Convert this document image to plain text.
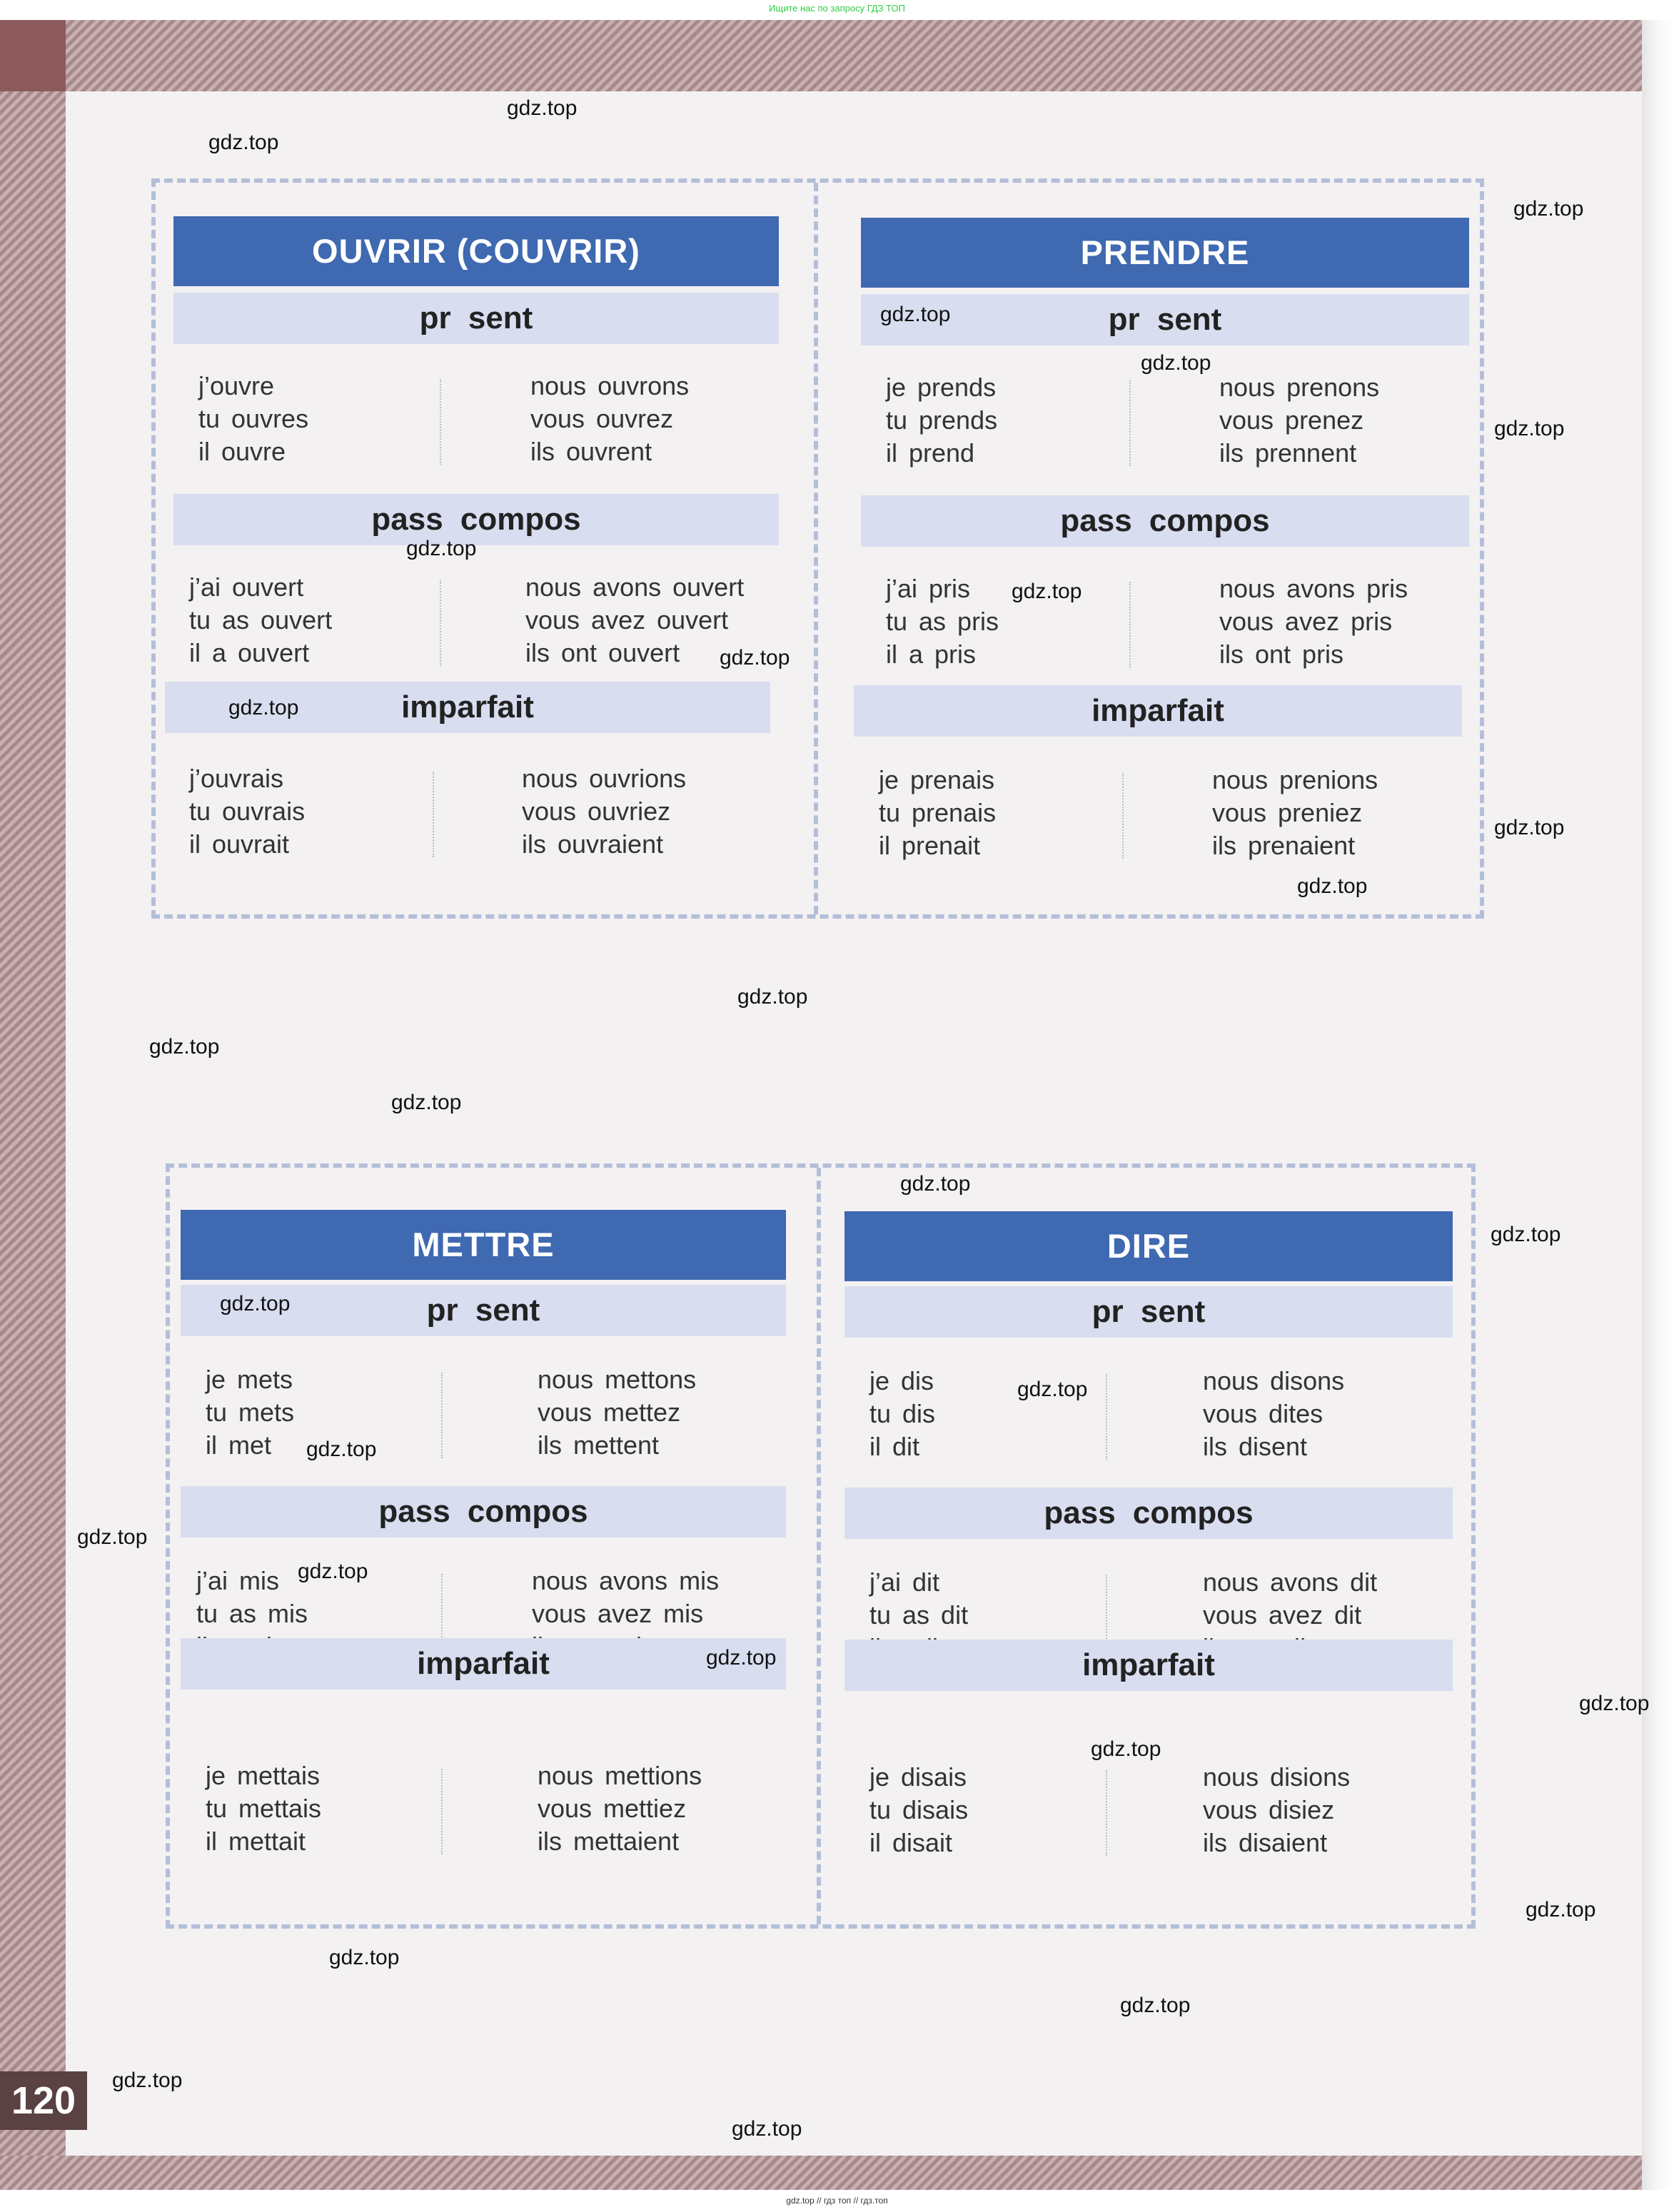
Ищите нас по запросу ГДЗ ТОП
OUVRIR (COUVRIR)
pr sent
j’ouvre
tu ouvres
il ouvre
nous ouvrons
vous ouvrez
ils ouvrent
pass compos
j’ai ouvert
tu as ouvert
il a ouvert
nous avons ouvert
vous avez ouvert
ils ont ouvert
imparfait
j’ouvrais
tu ouvrais
il ouvrait
nous ouvrions
vous ouvriez
ils ouvraient
PRENDRE
pr sent
je prends
tu prends
il prend
nous prenons
vous prenez
ils prennent
pass compos
j’ai pris
tu as pris
il a pris
nous avons pris
vous avez pris
ils ont pris
imparfait
je prenais
tu prenais
il prenait
nous prenions
vous preniez
ils prenaient
METTRE
pr sent
je mets
tu mets
il met
nous mettons
vous mettez
ils mettent
pass compos
j’ai mis
tu as mis
nous avons mis
vous avez mis
imparfait
je mettais
tu mettais
il mettait
nous mettions
vous mettiez
ils mettaient
DIRE
pr sent
je dis
tu dis
il dit
nous disons
vous dites
ils disent
pass compos
j’ai dit
tu as dit
nous avons dit
vous avez dit
imparfait
je disais
tu disais
il disait
nous disions
vous disiez
ils disaient
120
gdz.top
gdz.top
gdz.top
gdz.top
gdz.top
gdz.top
gdz.top
gdz.top
gdz.top
gdz.top
gdz.top
gdz.top
gdz.top
gdz.top
gdz.top
gdz.top
gdz.top
gdz.top
gdz.top
gdz.top
gdz.top
gdz.top
gdz.top
gdz.top
gdz.top
gdz.top
gdz.top
gdz.top
gdz.top
gdz.top
gdz.top // гдз топ // гдз.топ
